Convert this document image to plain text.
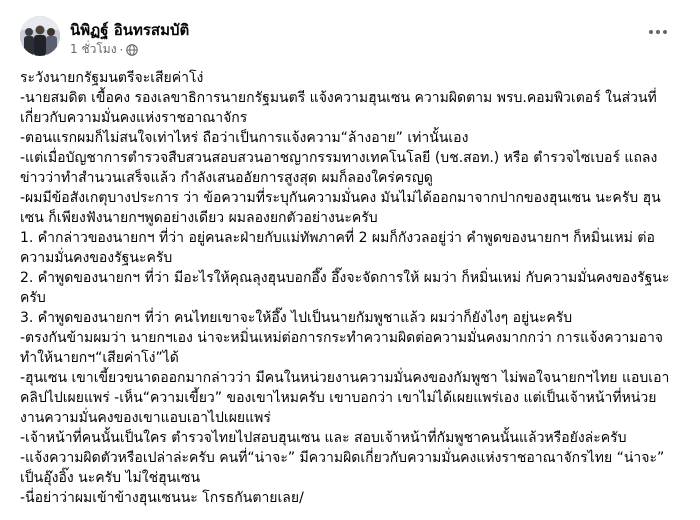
นิพิฏฐ์ อินทรสมบัติ
1 ชั่วโมง ·

ระวังนายกรัฐมนตรีจะเสียค่าโง่

-นายสมดิต เขื้อคง รองเลขาธิการนายกรัฐมนตรี แจ้งความฮุนเซน ความผิดตาม พรบ.คอมพิวเตอร์ ในส่วนที่เกี่ยวกับความมั่นคงแห่งราชอาณาจักร

-ตอนแรกผมก็ไม่สนใจเท่าไหร่ ถือว่าเป็นการแจ้งความ“ล้างอาย” เท่านั้นเอง

-แต่เมื่อบัญชาการตำรวจสืบสวนสอบสวนอาชญากรรมทางเทคโนโลยี (บช.สอท.) หรือ ตำรวจไซเบอร์ แถลงข่าวว่าทำสำนวนเสร็จแล้ว กำลังเสนออัยการสูงสุด ผมก็ลองใคร่ครญดู

-ผมมีข้อสังเกตุบางประการ ว่า ข้อความที่ระบุกันความมั่นคง มันไม่ได้ออกมาจากปากของฮุนเซน นะครับ ฮุนเซน ก็เพียงฟังนายกฯพูดอย่างเดียว ผมลองยกตัวอย่างนะครับ

1. คำกล่าวของนายกฯ ที่ว่า อยู่คนละฝ่ายกับแม่ทัพภาคที่ 2 ผมก็กังวลอยู่ว่า คำพูดของนายกฯ ก็หมิ่นเหม่ ต่อความมั่นคงของรัฐนะครับ

2. คำพูดของนายกฯ ที่ว่า มีอะไรให้คุณลุงฮุนบอกอึ๊ง อึ๊งจะจัดการให้ ผมว่า ก็หมิ่นเหม่ กับความมั่นคงของรัฐนะครับ

3. คำพูดของนายกฯ ที่ว่า คนไทยเขาจะให้อึ๊ง ไปเป็นนายกัมพูชาแล้ว ผมว่าก็ยังไงๆ อยู่นะครับ

-ตรงกันข้ามผมว่า นายกฯเอง น่าจะหมิ่นเหม่ต่อการกระทำความผิดต่อความมั่นคงมากกว่า การแจ้งความอาจทำให้นายกฯ“เสียค่าโง่”ได้

-ฮุนเซน เขาเขี้ยวขนาดออกมากล่าวว่า มีคนในหน่วยงานความมั่นคงของกัมพูชา ไม่พอใจนายกฯไทย แอบเอาคลิปไปเผยแพร่ -เห็น“ความเขี้ยว” ของเขาไหมครับ เขาบอกว่า เขาไม่ได้เผยแพร่เอง แต่เป็นเจ้าหน้าที่หน่วยงานความมั่นคงของเขาแอบเอาไปเผยแพร่

-เจ้าหน้าที่คนนั้นเป็นใคร ตำรวจไทยไปสอบฮุนเซน และ สอบเจ้าหน้าที่กัมพูชาคนนั้นแล้วหรือยังล่ะครับ

-แจ้งความผิดตัวหรือเปล่าล่ะครับ คนที่“น่าจะ” มีความผิดเกี่ยวกับความมั่นคงแห่งราชอาณาจักรไทย “น่าจะ” เป็นอุ๊งอิ๊ง นะครับ ไม่ใช่ฮุนเซน

-นี่อย่าว่าผมเข้าข้างฮุนเซนนะ โกรธกันตายเลย/
